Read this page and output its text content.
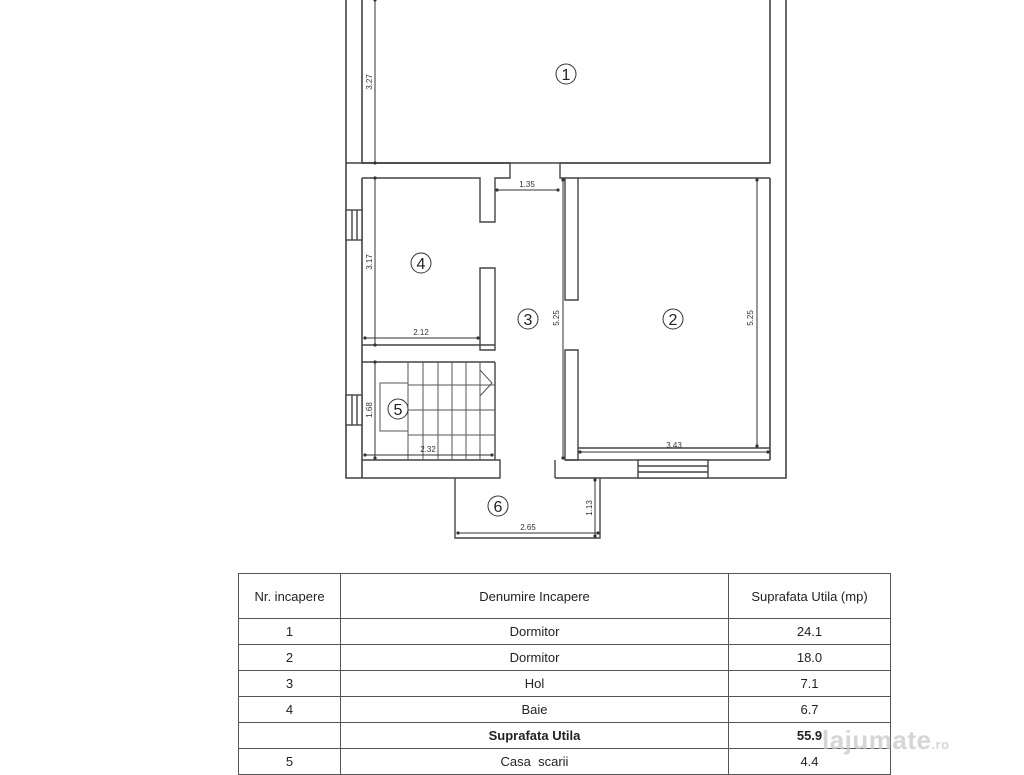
3.27
1.35
3.17
2.12
5.25	5.25
3.43
1.68
2.32
1.13
2.65
1
2
3
4
5
6
Nr. incapere	Denumire Incapere	Suprafata Utila (mp)
1	Dormitor	24.1
2	Dormitor	18.0
3	Hol	7.1
4	Baie	6.7
	Suprafata Utila	55.9
5	Casa  scarii	4.4
lajumate.ro
